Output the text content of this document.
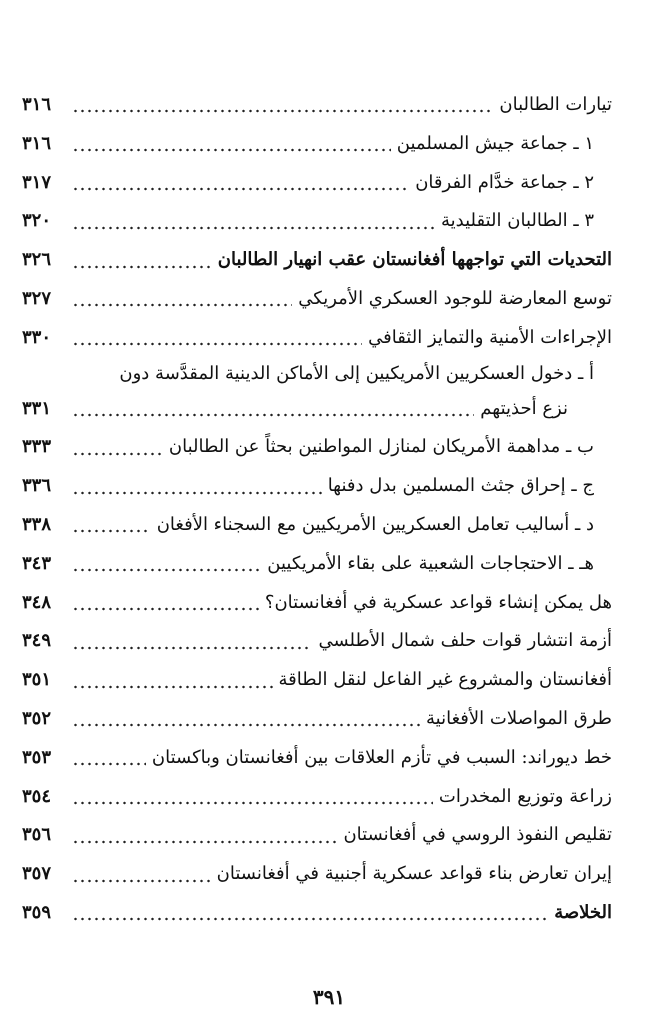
تيارات الطالبان
٣١٦
١ ـ جماعة جيش المسلمين
٣١٦
٢ ـ جماعة خدَّام الفرقان
٣١٧
٣ ـ الطالبان التقليدية
٣٢٠
التحديات التي تواجهها أفغانستان عقب انهيار الطالبان
٣٢٦
توسع المعارضة للوجود العسكري الأمريكي
٣٢٧
الإجراءات الأمنية والتمايز الثقافي
٣٣٠
أ ـ دخول العسكريين الأمريكيين إلى الأماكن الدينية المقدَّسة دون
نزع أحذيتهم
٣٣١
ب ـ مداهمة الأمريكان لمنازل المواطنين بحثاً عن الطالبان
٣٣٣
ج ـ إحراق جثث المسلمين بدل دفنها
٣٣٦
د ـ أساليب تعامل العسكريين الأمريكيين مع السجناء الأفغان
٣٣٨
هـ ـ الاحتجاجات الشعبية على بقاء الأمريكيين
٣٤٣
هل يمكن إنشاء قواعد عسكرية في أفغانستان؟
٣٤٨
أزمة انتشار قوات حلف شمال الأطلسي
٣٤٩
أفغانستان والمشروع غير الفاعل لنقل الطاقة
٣٥١
طرق المواصلات الأفغانية
٣٥٢
خط ديوراند: السبب في تأزم العلاقات بين أفغانستان وباكستان
٣٥٣
زراعة وتوزيع المخدرات
٣٥٤
تقليص النفوذ الروسي في أفغانستان
٣٥٦
إيران تعارض بناء قواعد عسكرية أجنبية في أفغانستان
٣٥٧
الخلاصة
٣٥٩
٣٩١
